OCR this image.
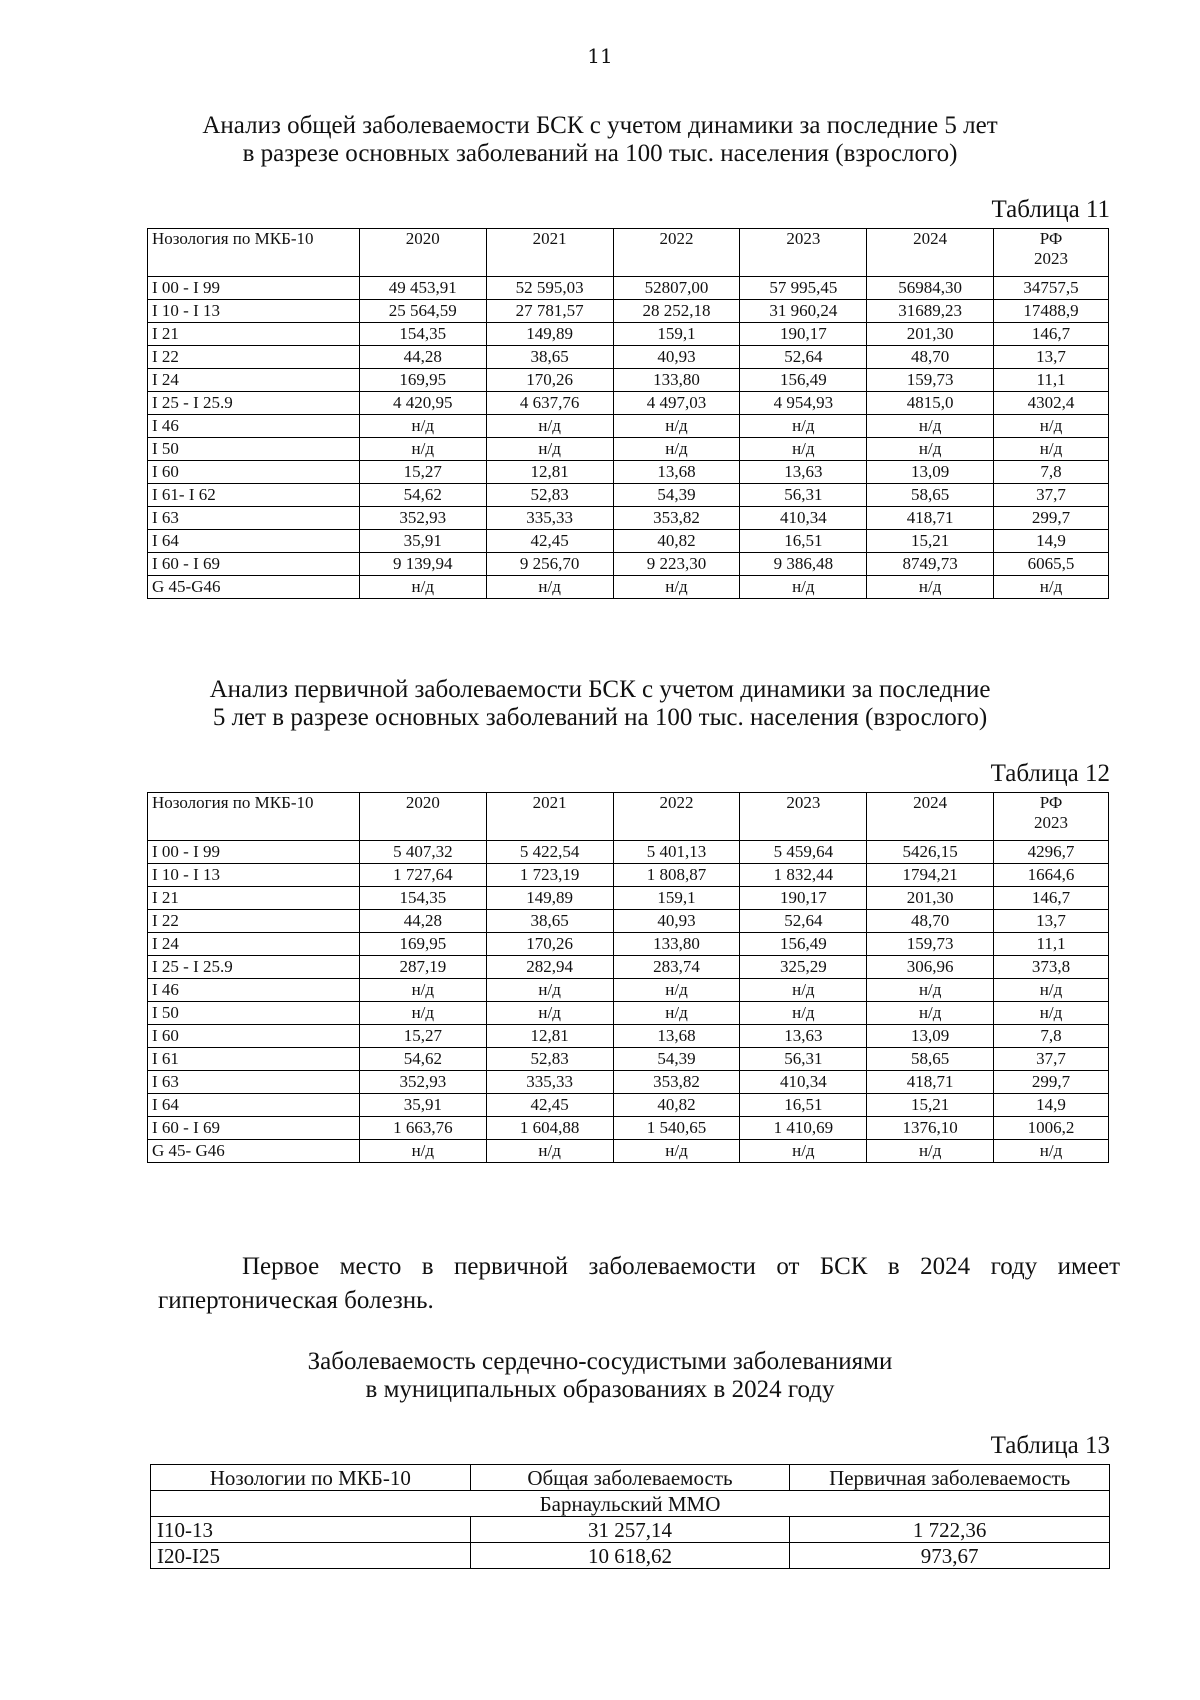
11
Анализ общей заболеваемости БСК с учетом динамики за последние 5 лет
в разрезе основных заболеваний на 100 тыс. населения (взрослого)
Таблица 11
Нозология по МКБ-10	2020	2021	2022	2023	2024	РФ
2023

I 00 - I 99	49 453,91	52 595,03	52807,00	57 995,45	56984,30	34757,5
I 10 - I 13	25 564,59	27 781,57	28 252,18	31 960,24	31689,23	17488,9
I 21	154,35	149,89	159,1	190,17	201,30	146,7
I 22	44,28	38,65	40,93	52,64	48,70	13,7
I 24	169,95	170,26	133,80	156,49	159,73	11,1
I 25 - I 25.9	4 420,95	4 637,76	4 497,03	4 954,93	4815,0	4302,4
I 46	н/д	н/д	н/д	н/д	н/д	н/д
I 50	н/д	н/д	н/д	н/д	н/д	н/д
I 60	15,27	12,81	13,68	13,63	13,09	7,8
I 61- I 62	54,62	52,83	54,39	56,31	58,65	37,7
I 63	352,93	335,33	353,82	410,34	418,71	299,7
I 64	35,91	42,45	40,82	16,51	15,21	14,9
I 60 - I 69	9 139,94	9 256,70	9 223,30	9 386,48	8749,73	6065,5
G 45-G46	н/д	н/д	н/д	н/д	н/д	н/д
Анализ первичной заболеваемости БСК с учетом динамики за последние
5 лет в разрезе основных заболеваний на 100 тыс. населения (взрослого)
Таблица 12
Нозология по МКБ-10	2020	2021	2022	2023	2024	РФ
2023

I 00 - I 99	5 407,32	5 422,54	5 401,13	5 459,64	5426,15	4296,7
I 10 - I 13	1 727,64	1 723,19	1 808,87	1 832,44	1794,21	1664,6
I 21	154,35	149,89	159,1	190,17	201,30	146,7
I 22	44,28	38,65	40,93	52,64	48,70	13,7
I 24	169,95	170,26	133,80	156,49	159,73	11,1
I 25 - I 25.9	287,19	282,94	283,74	325,29	306,96	373,8
I 46	н/д	н/д	н/д	н/д	н/д	н/д
I 50	н/д	н/д	н/д	н/д	н/д	н/д
I 60	15,27	12,81	13,68	13,63	13,09	7,8
I 61	54,62	52,83	54,39	56,31	58,65	37,7
I 63	352,93	335,33	353,82	410,34	418,71	299,7
I 64	35,91	42,45	40,82	16,51	15,21	14,9
I 60 - I 69	1 663,76	1 604,88	1 540,65	1 410,69	1376,10	1006,2
G 45- G46	н/д	н/д	н/д	н/д	н/д	н/д
Первое место в первичной заболеваемости от БСК в 2024 году имеет
гипертоническая болезнь.
Заболеваемость сердечно-сосудистыми заболеваниями
в муниципальных образованиях в 2024 году
Таблица 13
Нозологии по МКБ-10	Общая заболеваемость	Первичная заболеваемость
Барнаульский ММО		
I10-13	31 257,14	1 722,36
I20-I25	10 618,62	973,67
